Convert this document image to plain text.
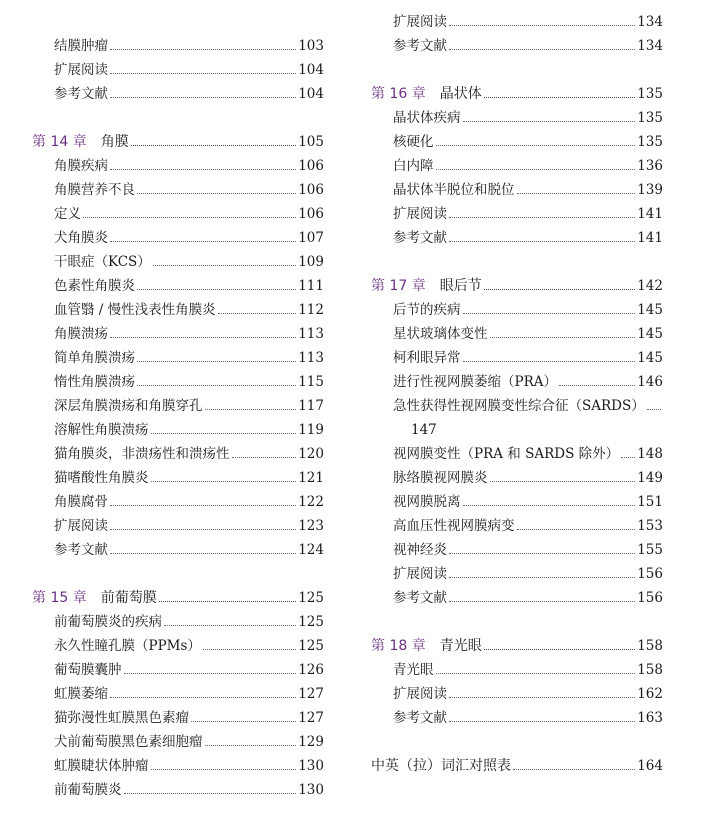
结膜肿瘤	103
扩展阅读	104
参考文献	104
第 14 章 角膜	105
角膜疾病	106
角膜营养不良	106
定义	106
犬角膜炎	107
干眼症（KCS）	109
色素性角膜炎	111
血管翳 / 慢性浅表性角膜炎	112
角膜溃疡	113
简单角膜溃疡	113
惰性角膜溃疡	115
深层角膜溃疡和角膜穿孔	117
溶解性角膜溃疡	119
猫角膜炎，非溃疡性和溃疡性	120
猫嗜酸性角膜炎	121
角膜腐骨	122
扩展阅读	123
参考文献	124
第 15 章 前葡萄膜	125
前葡萄膜炎的疾病	125
永久性瞳孔膜（PPMs）	125
葡萄膜囊肿	126
虹膜萎缩	127
猫弥漫性虹膜黑色素瘤	127
犬前葡萄膜黑色素细胞瘤	129
虹膜睫状体肿瘤	130
前葡萄膜炎	130
扩展阅读	134
参考文献	134
第 16 章 晶状体	135
晶状体疾病	135
核硬化	135
白内障	136
晶状体半脱位和脱位	139
扩展阅读	141
参考文献	141
第 17 章 眼后节	142
后节的疾病	145
星状玻璃体变性	145
柯利眼异常	145
进行性视网膜萎缩（PRA）	146
急性获得性视网膜变性综合征（SARDS）
147
视网膜变性（PRA 和 SARDS 除外） 148
脉络膜视网膜炎	149
视网膜脱离	151
高血压性视网膜病变	153
视神经炎	155
扩展阅读	156
参考文献	156
第 18 章 青光眼	158
青光眼	158
扩展阅读	162
参考文献	163
中英（拉）词汇对照表	164
